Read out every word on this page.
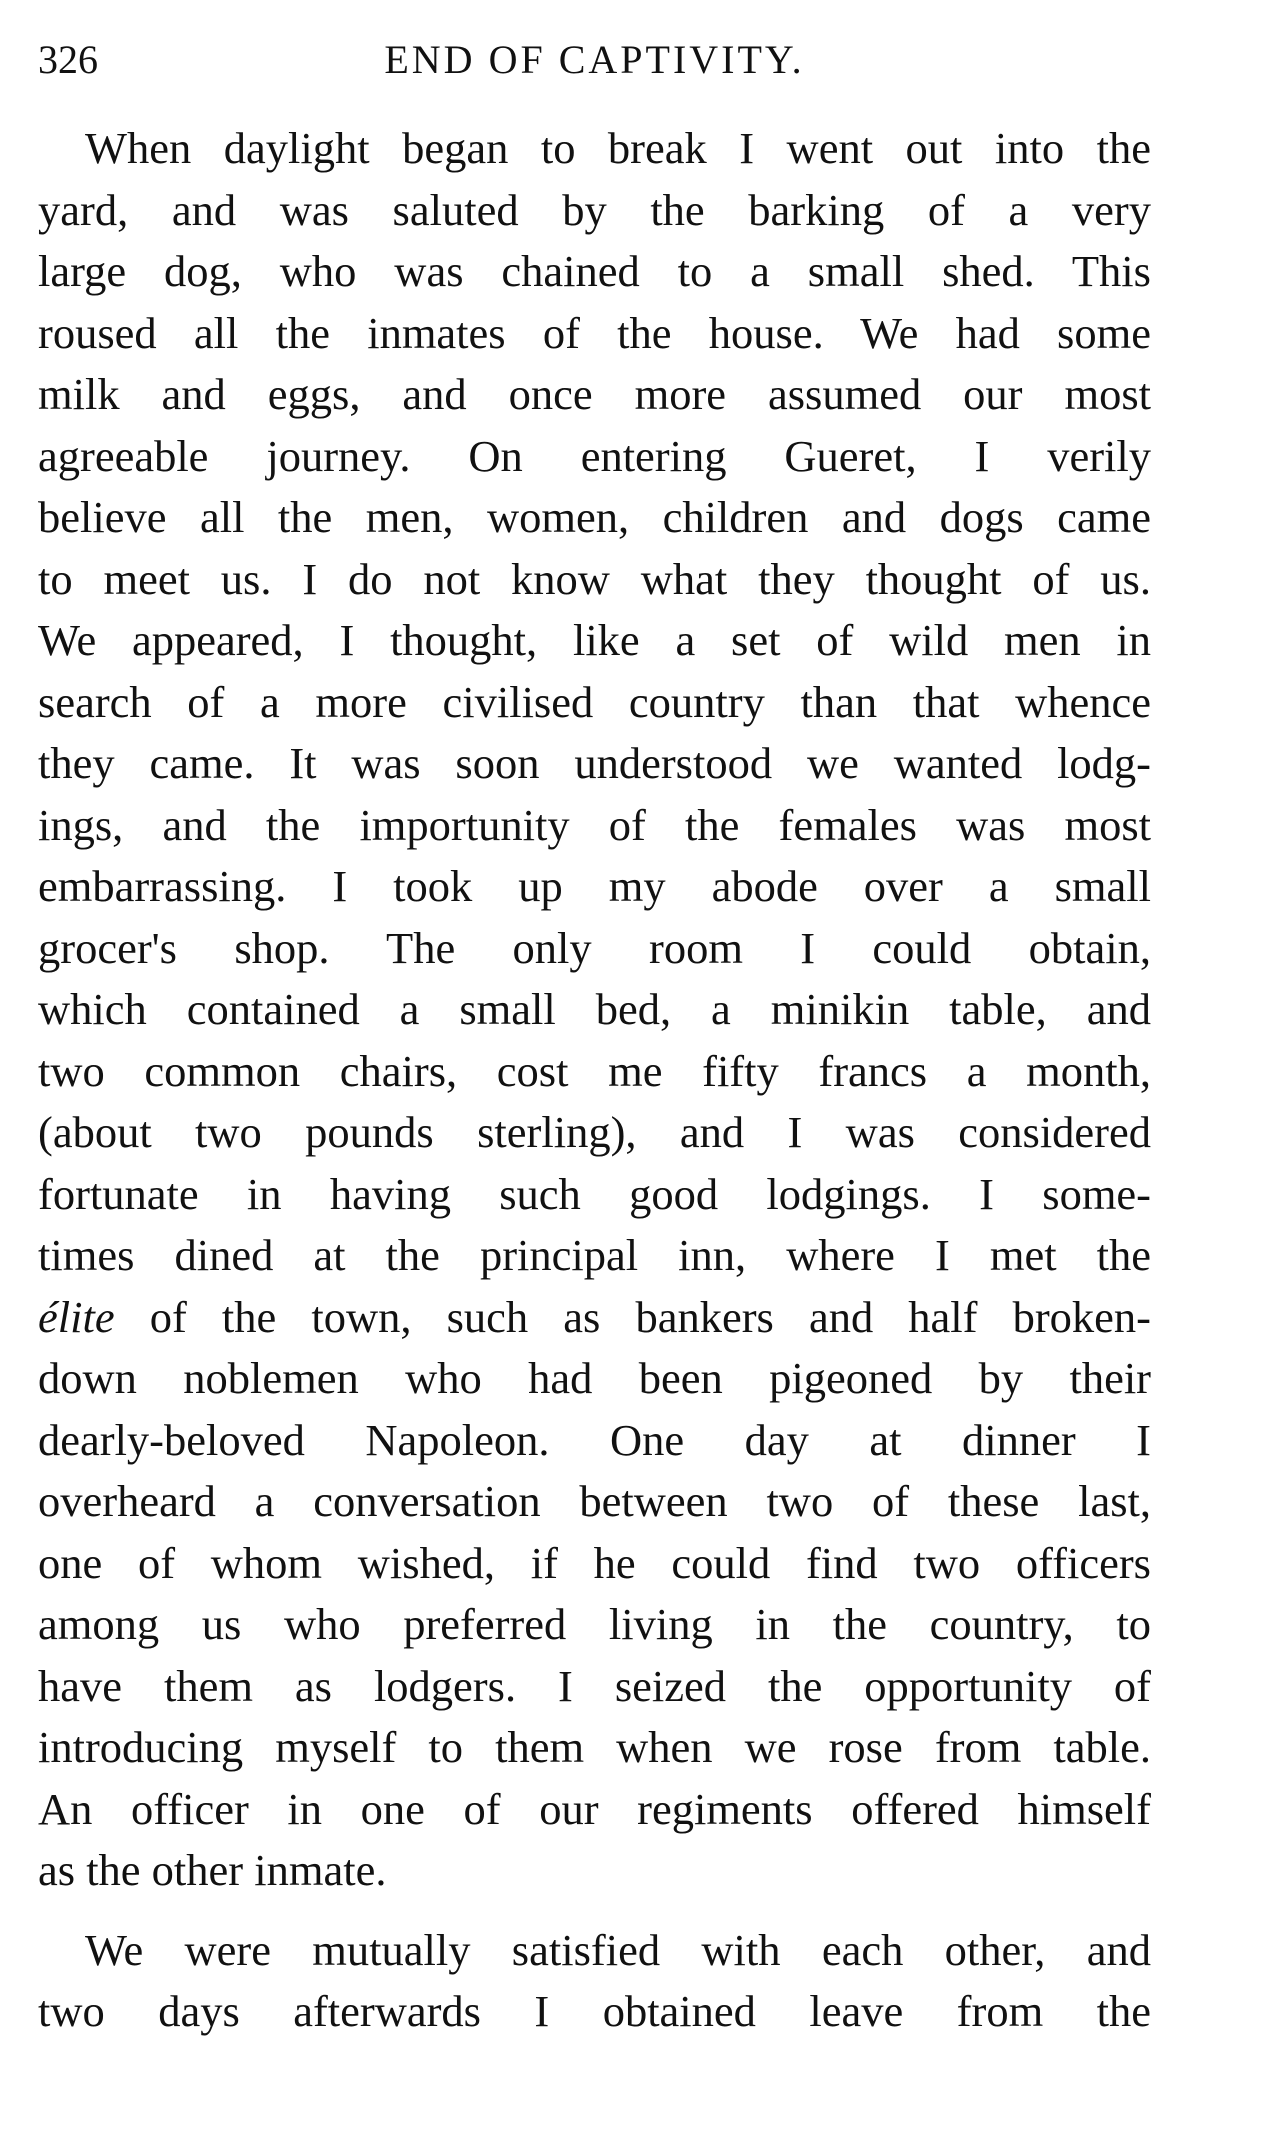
326	END OF CAPTIVITY.

When daylight began to break I went out into the
yard, and was saluted by the barking of a very
large dog, who was chained to a small shed. This
roused all the inmates of the house. We had some
milk and eggs, and once more assumed our most
agreeable journey. On entering Gueret, I verily
believe all the men, women, children and dogs came
to meet us. I do not know what they thought of us.
We appeared, I thought, like a set of wild men in
search of a more civilised country than that whence
they came. It was soon understood we wanted lodg-
ings, and the importunity of the females was most
embarrassing. I took up my abode over a small
grocer's shop. The only room I could obtain,
which contained a small bed, a minikin table, and
two common chairs, cost me fifty francs a month,
(about two pounds sterling), and I was considered
fortunate in having such good lodgings. I some-
times dined at the principal inn, where I met the
élite of the town, such as bankers and half broken-
down noblemen who had been pigeoned by their
dearly-beloved Napoleon. One day at dinner I
overheard a conversation between two of these last,
one of whom wished, if he could find two officers
among us who preferred living in the country, to
have them as lodgers. I seized the opportunity of
introducing myself to them when we rose from table.
An officer in one of our regiments offered himself
as the other inmate.

We were mutually satisfied with each other, and
two days afterwards I obtained leave from the
